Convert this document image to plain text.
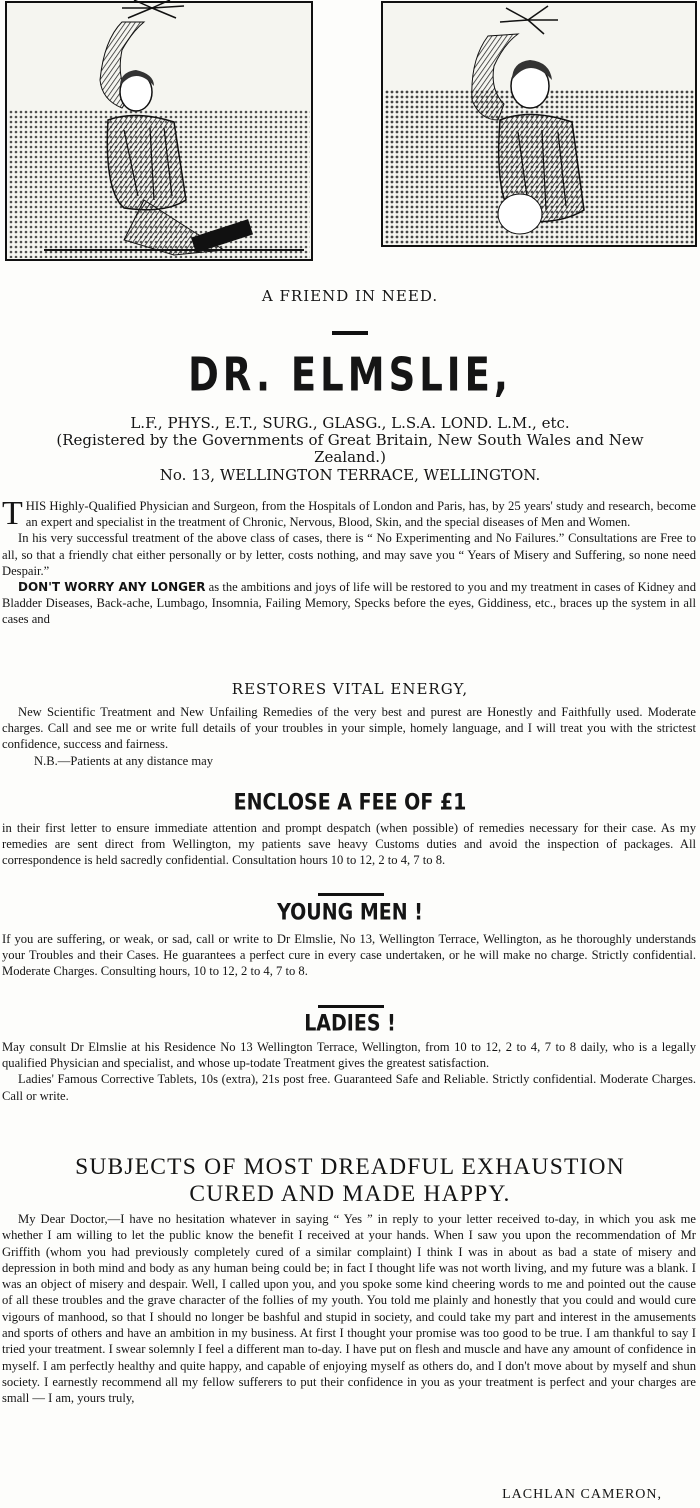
A FRIEND IN NEED.
DR. ELMSLIE,
L.F., PHYS., E.T., SURG., GLASG., L.S.A. LOND. L.M., etc.
(Registered by the Governments of Great Britain, New South Wales and New
Zealand.)
No. 13, WELLINGTON TERRACE, WELLINGTON.

THIS Highly-Qualified Physician and Surgeon, from the Hospitals of London and Paris, has, by 25 years' study and research, become an expert and specialist in the treatment of Chronic, Nervous, Blood, Skin, and the special diseases of Men and Women.

In his very successful treatment of the above class of cases, there is “ No Experimenting and No Failures.” Consultations are Free to all, so that a friendly chat either personally or by letter, costs nothing, and may save you “ Years of Misery and Suffering, so none need Despair.”

DON'T WORRY ANY LONGER as the ambitions and joys of life will be restored to you and my treatment in cases of Kidney and Bladder Diseases, Back-ache, Lumbago, Insomnia, Failing Memory, Specks before the eyes, Giddiness, etc., braces up the system in all cases and

RESTORES VITAL ENERGY,

New Scientific Treatment and New Unfailing Remedies of the very best and purest are Honestly and Faithfully used. Moderate charges. Call and see me or write full details of your troubles in your simple, homely language, and I will treat you with the strictest confidence, success and fairness.

N.B.—Patients at any distance may

ENCLOSE A FEE OF £1
in their first letter to ensure immediate attention and prompt despatch (when possible) of remedies necessary for their case. As my remedies are sent direct from Wellington, my patients save heavy Customs duties and avoid the inspection of packages. All correspondence is held sacredly confidential. Consultation hours 10 to 12, 2 to 4, 7 to 8.
YOUNG MEN !
If you are suffering, or weak, or sad, call or write to Dr Elmslie, No 13, Wellington Terrace, Wellington, as he thoroughly understands your Troubles and their Cases. He guarantees a perfect cure in every case undertaken, or he will make no charge. Strictly confidential. Moderate Charges. Consulting hours, 10 to 12, 2 to 4, 7 to 8.
LADIES !

May consult Dr Elmslie at his Residence No 13 Wellington Terrace, Wellington, from 10 to 12, 2 to 4, 7 to 8 daily, who is a legally qualified Physician and specialist, and whose up-todate Treatment gives the greatest satisfaction.

Ladies' Famous Corrective Tablets, 10s (extra), 21s post free. Guaranteed Safe and Reliable. Strictly confidential. Moderate Charges. Call or write.

SUBJECTS OF MOST DREADFUL EXHAUSTION
CURED AND MADE HAPPY.

My Dear Doctor,—I have no hesitation whatever in saying “ Yes ” in reply to your letter received to-day, in which you ask me whether I am willing to let the public know the benefit I received at your hands. When I saw you upon the recommendation of Mr Griffith (whom you had previously completely cured of a similar complaint) I think I was in about as bad a state of misery and depression in both mind and body as any human being could be; in fact I thought life was not worth living, and my future was a blank. I was an object of misery and despair. Well, I called upon you, and you spoke some kind cheering words to me and pointed out the cause of all these troubles and the grave character of the follies of my youth. You told me plainly and honestly that you could and would cure vigours of manhood, so that I should no longer be bashful and stupid in society, and could take my part and interest in the amusements and sports of others and have an ambition in my business. At first I thought your promise was too good to be true. I am thankful to say I tried your treatment. I swear solemnly I feel a different man to-day. I have put on flesh and muscle and have any amount of confidence in myself. I am perfectly healthy and quite happy, and capable of enjoying myself as others do, and I don't move about by myself and shun society. I earnestly recommend all my fellow sufferers to put their confidence in you as your treatment is perfect and your charges are small — I am, yours truly,

LACHLAN CAMERON,
